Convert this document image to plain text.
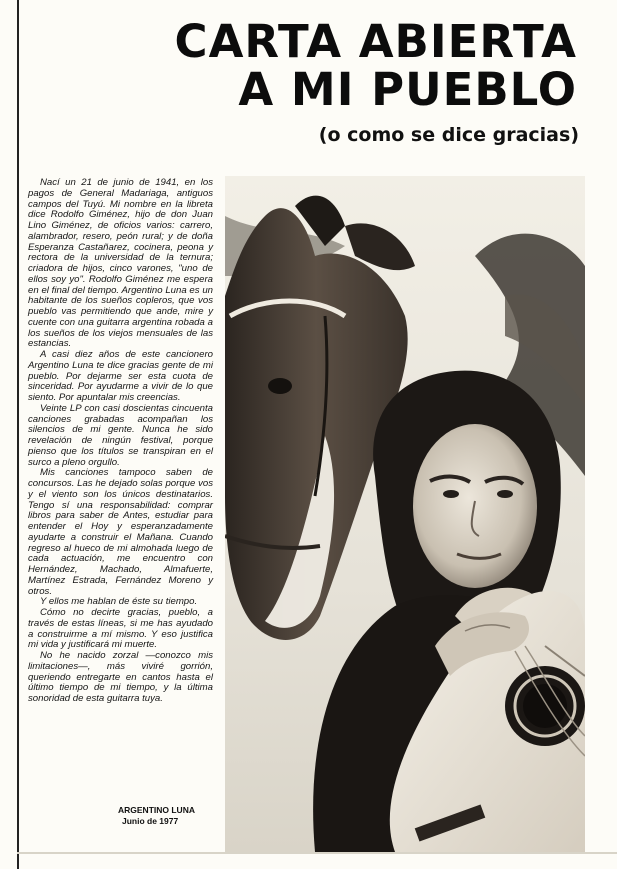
CARTA ABIERTA
A MI PUEBLO
(o como se dice gracias)

Nací un 21 de junio de 1941, en los pagos de General Madariaga, antiguos campos del Tuyú. Mi nombre en la libreta dice Rodolfo Giménez, hijo de don Juan Lino Giménez, de oficios varios: carrero, alambrador, resero, peón rural; y de doña Esperanza Castañarez, cocinera, peona y rectora de la universidad de la ternura; criadora de hijos, cinco varones, "uno de ellos soy yo". Rodolfo Giménez me espera en el final del tiempo. Argentino Luna es un habitante de los sueños copleros, que vos pueblo vas permitiendo que ande, mire y cuente con una guitarra argentina robada a los sueños de los viejos mensuales de las estancias.

A casi diez años de este cancionero Argentino Luna te dice gracias gente de mi pueblo. Por dejarme ser esta cuota de sinceridad. Por ayudarme a vivir de lo que siento. Por apuntalar mis creencias.

Veinte LP con casi doscientas cincuenta canciones grabadas acompañan los silencios de mi gente. Nunca he sido revelación de ningún festival, porque pienso que los títulos se transpiran en el surco a pleno orgullo.

Mis canciones tampoco saben de concursos. Las he dejado solas porque vos y el viento son los únicos destinatarios. Tengo sí una responsabilidad: comprar libros para saber de Antes, estudiar para entender el Hoy y esperanzadamente ayudarte a construir el Mañana. Cuando regreso al hueco de mi almohada luego de cada actuación, me encuentro con Hernández, Machado, Almafuerte, Martínez Estrada, Fernández Moreno y otros.

Y ellos me hablan de éste su tiempo.

Cómo no decirte gracias, pueblo, a través de estas líneas, si me has ayudado a construirme a mí mismo. Y eso justifica mi vida y justificará mi muerte.

No he nacido zorzal —conozco mis limitaciones—, más viviré gorrión, queriendo entregarte en cantos hasta el último tiempo de mi tiempo, y la última sonoridad de esta guitarra tuya.

ARGENTINO LUNA
Junio de 1977
